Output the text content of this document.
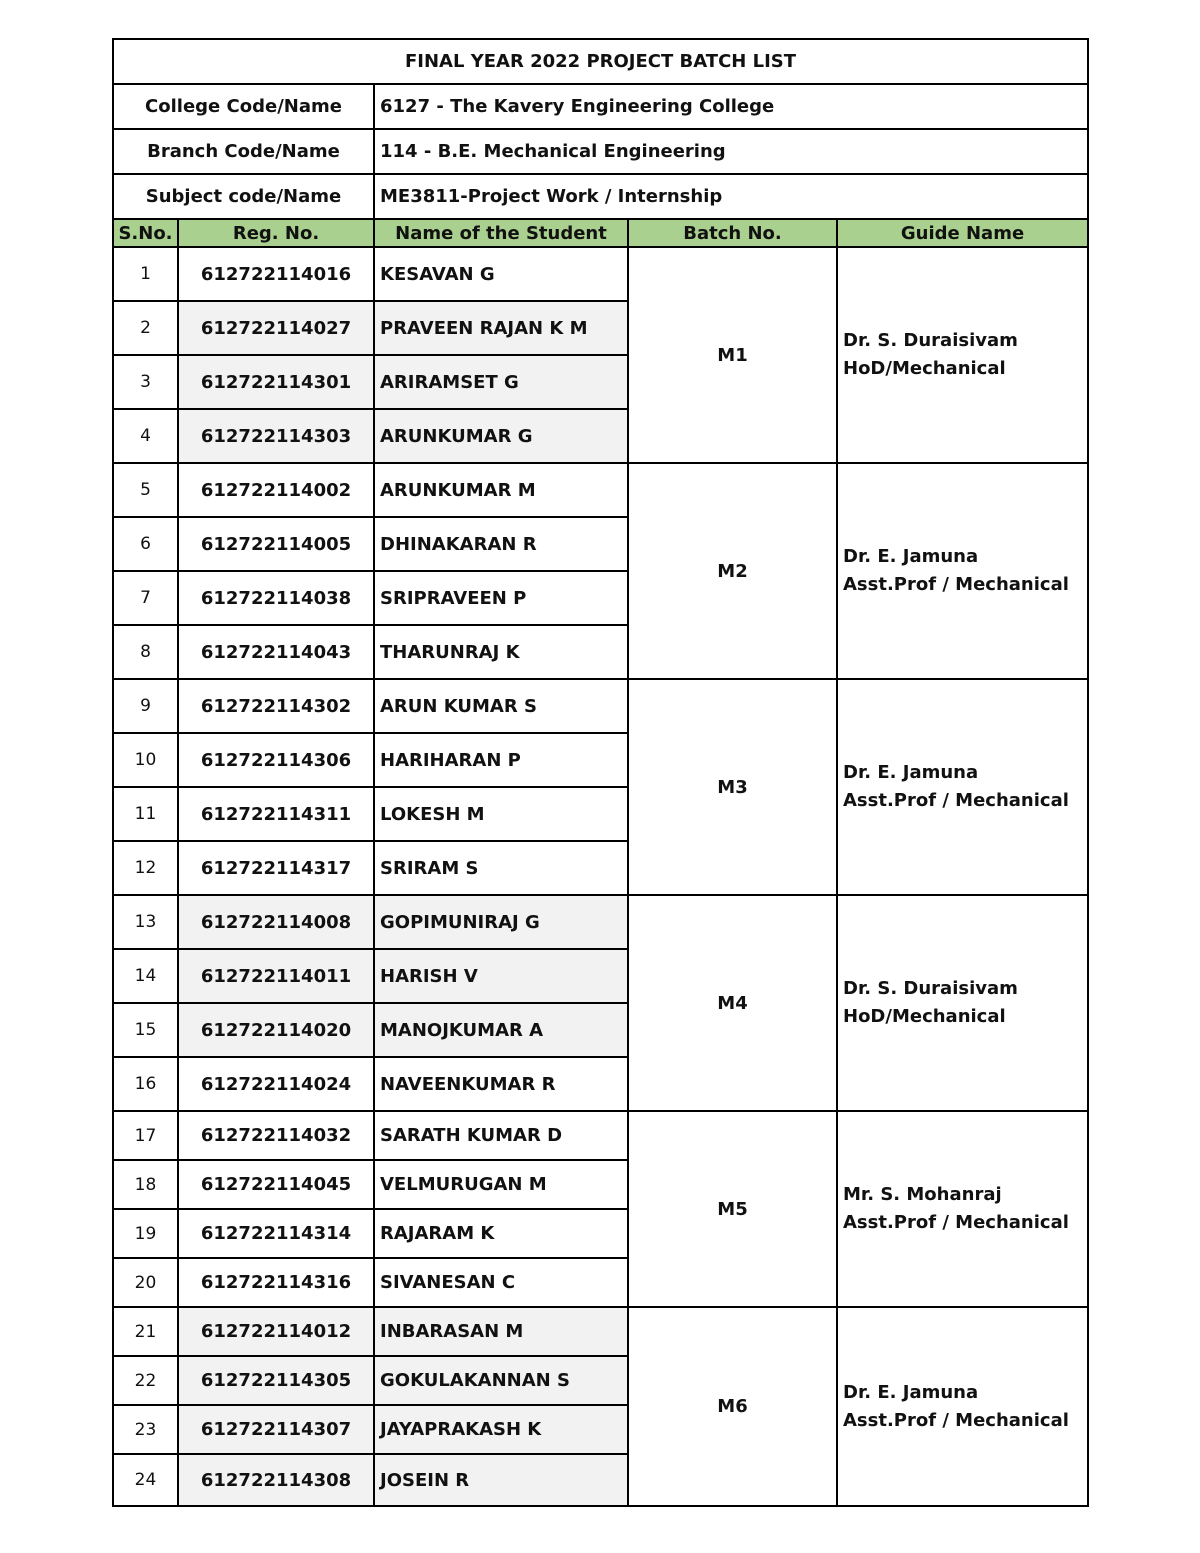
FINAL YEAR 2022 PROJECT BATCH LIST				
College Code/Name		6127 - The Kavery Engineering College		
Branch Code/Name		114 - B.E. Mechanical Engineering		
Subject code/Name		ME3811-Project Work / Internship		
S.No.	Reg. No.	Name of the Student	Batch No.	Guide Name
1	612722114016	KESAVAN G	M1	Dr. S. Duraisivam
HoD/Mechanical

2	612722114027	PRAVEEN RAJAN K M		
3	612722114301	ARIRAMSET G		
4	612722114303	ARUNKUMAR G		
5	612722114002	ARUNKUMAR M	M2	Dr. E. Jamuna
Asst.Prof / Mechanical

6	612722114005	DHINAKARAN R		
7	612722114038	SRIPRAVEEN P		
8	612722114043	THARUNRAJ K		
9	612722114302	ARUN KUMAR S	M3	Dr. E. Jamuna
Asst.Prof / Mechanical

10	612722114306	HARIHARAN P		
11	612722114311	LOKESH M		
12	612722114317	SRIRAM S		
13	612722114008	GOPIMUNIRAJ G	M4	Dr. S. Duraisivam
HoD/Mechanical

14	612722114011	HARISH V		
15	612722114020	MANOJKUMAR A		
16	612722114024	NAVEENKUMAR R		
17	612722114032	SARATH KUMAR D	M5	Mr. S. Mohanraj
Asst.Prof / Mechanical

18	612722114045	VELMURUGAN M		
19	612722114314	RAJARAM K		
20	612722114316	SIVANESAN C		
21	612722114012	INBARASAN M	M6	Dr. E. Jamuna
Asst.Prof / Mechanical

22	612722114305	GOKULAKANNAN S		
23	612722114307	JAYAPRAKASH K		
24	612722114308	JOSEIN R		
